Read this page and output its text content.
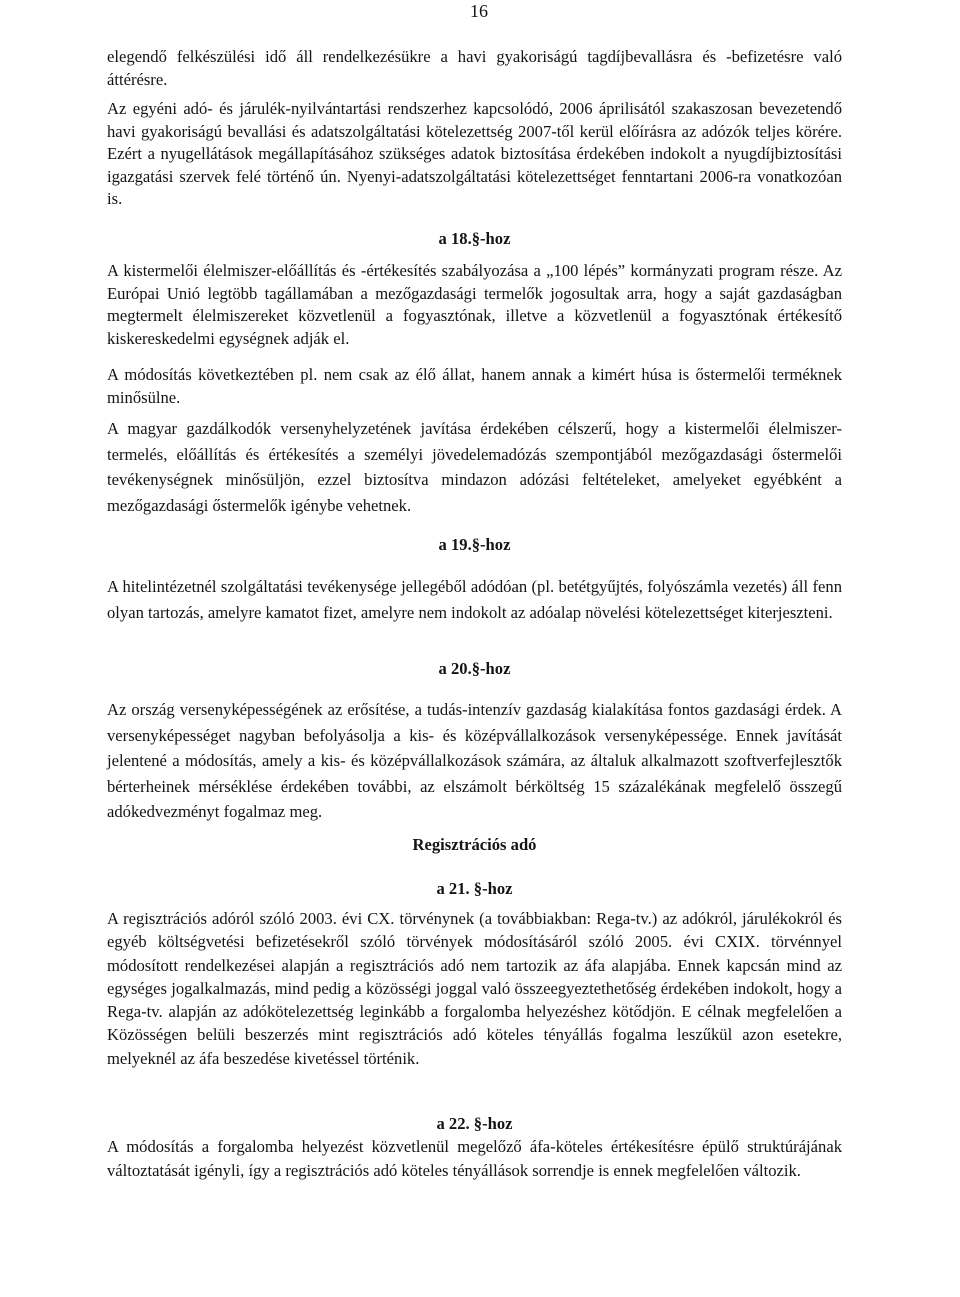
16
elegendő felkészülési idő áll rendelkezésükre a havi gyakoriságú tagdíjbevallásra és -befizetésre való áttérésre.
Az egyéni adó- és járulék-nyilvántartási rendszerhez kapcsolódó, 2006 áprilisától szakaszosan bevezetendő havi gyakoriságú bevallási és adatszolgáltatási kötelezettség 2007-től kerül előírásra az adózók teljes körére. Ezért a nyugellátások megállapításához szükséges adatok biztosítása érdekében indokolt a nyugdíjbiztosítási igazgatási szervek felé történő ún. Nyenyi-adatszolgáltatási kötelezettséget fenntartani 2006-ra vonatkozóan is.
a 18.§-hoz
A kistermelői élelmiszer-előállítás és -értékesítés szabályozása a „100 lépés” kormányzati program része. Az Európai Unió legtöbb tagállamában a mezőgazdasági termelők jogosultak arra, hogy a saját gazdaságban megtermelt élelmiszereket közvetlenül a fogyasztónak, illetve a közvetlenül a fogyasztónak értékesítő kiskereskedelmi egységnek adják el.
A módosítás következtében pl. nem csak az élő állat, hanem annak a kimért húsa is őstermelői terméknek minősülne.
A magyar gazdálkodók versenyhelyzetének javítása érdekében célszerű, hogy a kistermelői élelmiszer-termelés, előállítás és értékesítés a személyi jövedelemadózás szempontjából mezőgazdasági őstermelői tevékenységnek minősüljön, ezzel biztosítva mindazon adózási feltételeket, amelyeket egyébként a mezőgazdasági őstermelők igénybe vehetnek.
a 19.§-hoz
A hitelintézetnél szolgáltatási tevékenysége jellegéből adódóan (pl. betétgyűjtés, folyószámla vezetés) áll fenn olyan tartozás, amelyre kamatot fizet, amelyre nem indokolt az adóalap növelési kötelezettséget kiterjeszteni.
a 20.§-hoz
Az ország versenyképességének az erősítése, a tudás-intenzív gazdaság kialakítása fontos gazdasági érdek. A versenyképességet nagyban befolyásolja a kis- és középvállalkozások versenyképessége. Ennek javítását jelentené a módosítás, amely a kis- és középvállalkozások számára, az általuk alkalmazott szoftverfejlesztők bérterheinek mérséklése érdekében további, az elszámolt bérköltség 15 százalékának megfelelő összegű adókedvezményt fogalmaz meg.
Regisztrációs adó
a 21. §-hoz
A regisztrációs adóról szóló 2003. évi CX. törvénynek (a továbbiakban: Rega-tv.) az adókról, járulékokról és egyéb költségvetési befizetésekről szóló törvények módosításáról szóló 2005. évi CXIX. törvénnyel módosított rendelkezései alapján a regisztrációs adó nem tartozik az áfa alapjába. Ennek kapcsán mind az egységes jogalkalmazás, mind pedig a közösségi joggal való összeegyeztethetőség érdekében indokolt, hogy a Rega-tv. alapján az adókötelezettség leginkább a forgalomba helyezéshez kötődjön. E célnak megfelelően a Közösségen belüli beszerzés mint regisztrációs adó köteles tényállás fogalma leszűkül azon esetekre, melyeknél az áfa beszedése kivetéssel történik.
a 22. §-hoz
A módosítás a forgalomba helyezést közvetlenül megelőző áfa-köteles értékesítésre épülő struktúrájának változtatását igényli, így a regisztrációs adó köteles tényállások sorrendje is ennek megfelelően változik.
